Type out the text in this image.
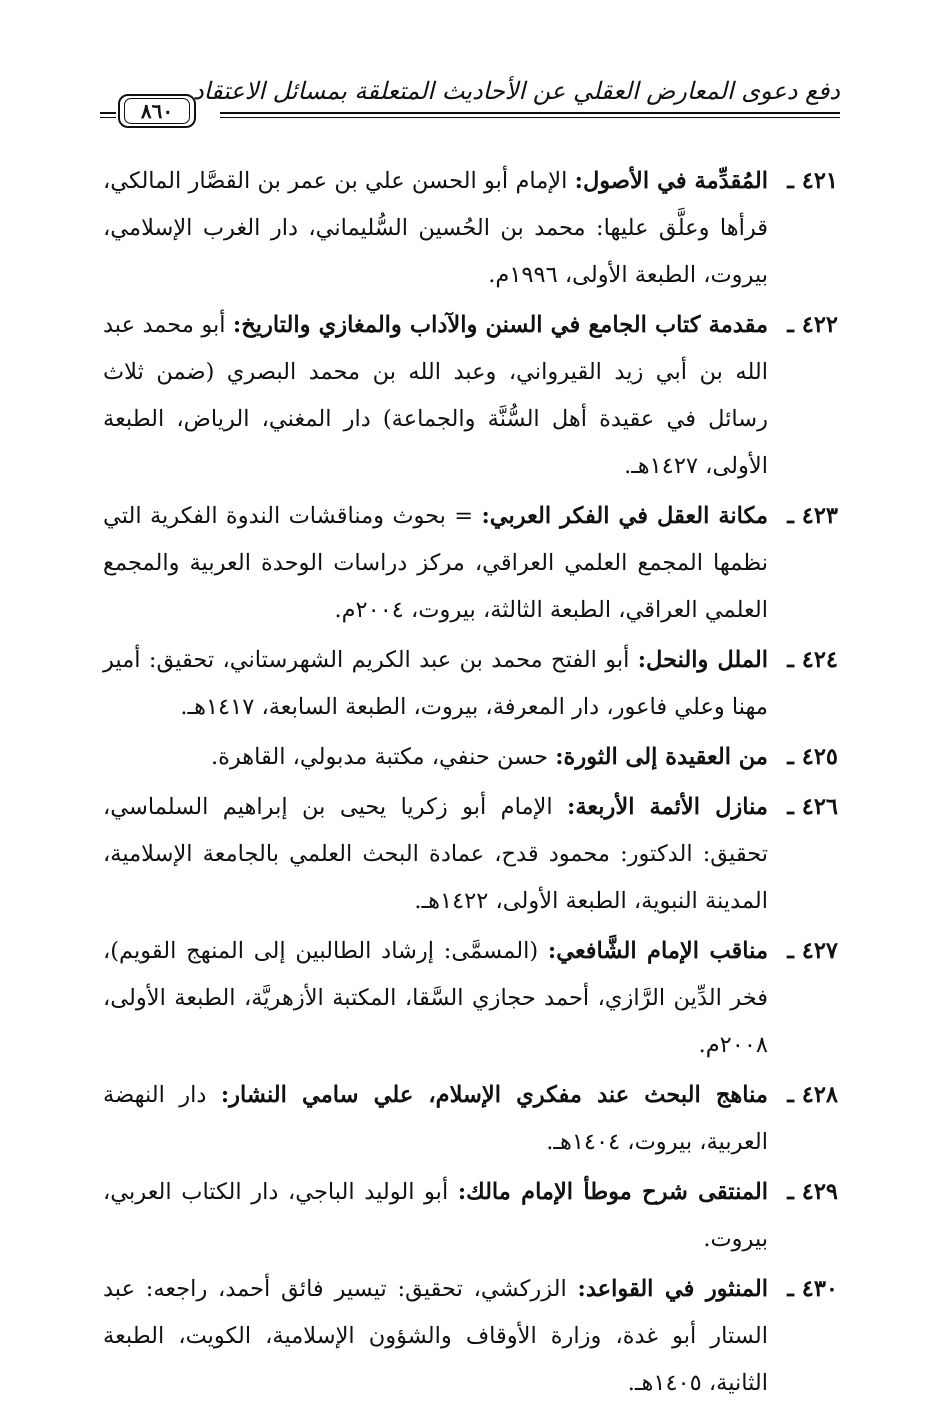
دفع دعوى المعارض العقلي عن الأحاديث المتعلقة بمسائل الاعتقاد
٨٦٠
٤٢١ ـ
المُقدِّمة في الأصول: الإمام أبو الحسن علي بن عمر بن القصَّار المالكي، قرأها وعلَّق عليها: محمد بن الحُسين السُّليماني، دار الغرب الإسلامي، بيروت، الطبعة الأولى، ١٩٩٦م.
٤٢٢ ـ
مقدمة كتاب الجامع في السنن والآداب والمغازي والتاريخ: أبو محمد عبد الله بن أبي زيد القيرواني، وعبد الله بن محمد البصري (ضمن ثلاث رسائل في عقيدة أهل السُّنَّة والجماعة) دار المغني، الرياض، الطبعة الأولى، ١٤٢٧هـ.
٤٢٣ ـ
مكانة العقل في الفكر العربي: = بحوث ومناقشات الندوة الفكرية التي نظمها المجمع العلمي العراقي، مركز دراسات الوحدة العربية والمجمع العلمي العراقي، الطبعة الثالثة، بيروت، ٢٠٠٤م.
٤٢٤ ـ
الملل والنحل: أبو الفتح محمد بن عبد الكريم الشهرستاني، تحقيق: أمير مهنا وعلي فاعور، دار المعرفة، بيروت، الطبعة السابعة، ١٤١٧هـ.
٤٢٥ ـ
من العقيدة إلى الثورة: حسن حنفي، مكتبة مدبولي، القاهرة.
٤٢٦ ـ
منازل الأئمة الأربعة: الإمام أبو زكريا يحيى بن إبراهيم السلماسي، تحقيق: الدكتور: محمود قدح، عمادة البحث العلمي بالجامعة الإسلامية، المدينة النبوية، الطبعة الأولى، ١٤٢٢هـ.
٤٢٧ ـ
مناقب الإمام الشَّافعي: (المسمَّى: إرشاد الطالبين إلى المنهج القويم)، فخر الدِّين الرَّازي، أحمد حجازي السَّقا، المكتبة الأزهريَّة، الطبعة الأولى، ٢٠٠٨م.
٤٢٨ ـ
مناهج البحث عند مفكري الإسلام، علي سامي النشار: دار النهضة العربية، بيروت، ١٤٠٤هـ.
٤٢٩ ـ
المنتقى شرح موطأ الإمام مالك: أبو الوليد الباجي، دار الكتاب العربي، بيروت.
٤٣٠ ـ
المنثور في القواعد: الزركشي، تحقيق: تيسير فائق أحمد، راجعه: عبد الستار أبو غدة، وزارة الأوقاف والشؤون الإسلامية، الكويت، الطبعة الثانية، ١٤٠٥هـ.
